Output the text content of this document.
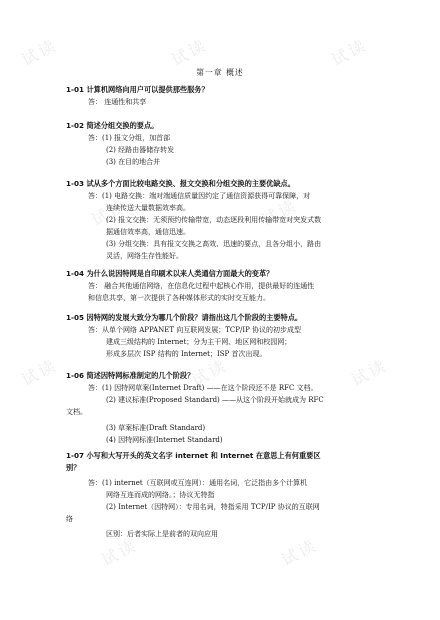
试读	试读	试读
试读	试读
试读	试读	试读
试读	试读
第一章 概述
1-01 计算机网络向用户可以提供那些服务？
答： 连通性和共享
1-02 简述分组交换的要点。
答：(1) 报文分组，加首部
(2) 经路由器储存转发
(3) 在目的地合并
1-03 试从多个方面比较电路交换、报文交换和分组交换的主要优缺点。
答：(1) 电路交换：端对端通信质量因约定了通信资源获得可靠保障，对
连续传送大量数据效率高。
(2) 报文交换：无须预约传输带宽，动态逐段利用传输带宽对突发式数
据通信效率高，通信迅速。
(3) 分组交换：具有报文交换之高效、迅速的要点，且各分组小，路由
灵活，网络生存性能好。
1-04 为什么说因特网是自印刷术以来人类通信方面最大的变革？
答： 融合其他通信网络，在信息化过程中起核心作用，提供最好的连通性
和信息共享，第一次提供了各种媒体形式的实时交互能力。
1-05 因特网的发展大致分为哪几个阶段？请指出这几个阶段的主要特点。
答：从单个网络 APPANET 向互联网发展；TCP/IP 协议的初步成型
建成三级结构的 Internet；分为主干网、地区网和校园网；
形成多层次 ISP 结构的 Internet；ISP 首次出现。
1-06 简述因特网标准制定的几个阶段？
答：(1) 因特网草案(Internet Draft) ——在这个阶段还不是 RFC 文档。
(2) 建议标准(Proposed Standard) ——从这个阶段开始就成为 RFC
文档。
(3) 草案标准(Draft Standard)
(4) 因特网标准(Internet Standard)
1-07 小写和大写开头的英文名字 internet 和 Internet 在意思上有何重要区
别？
答：(1) internet（互联网或互连网）：通用名词，它泛指由多个计算机
网络互连而成的网络。；协议无特指
(2) Internet（因特网）：专用名词，特指采用 TCP/IP 协议的互联网
络
区别：后者实际上是前者的双向应用
